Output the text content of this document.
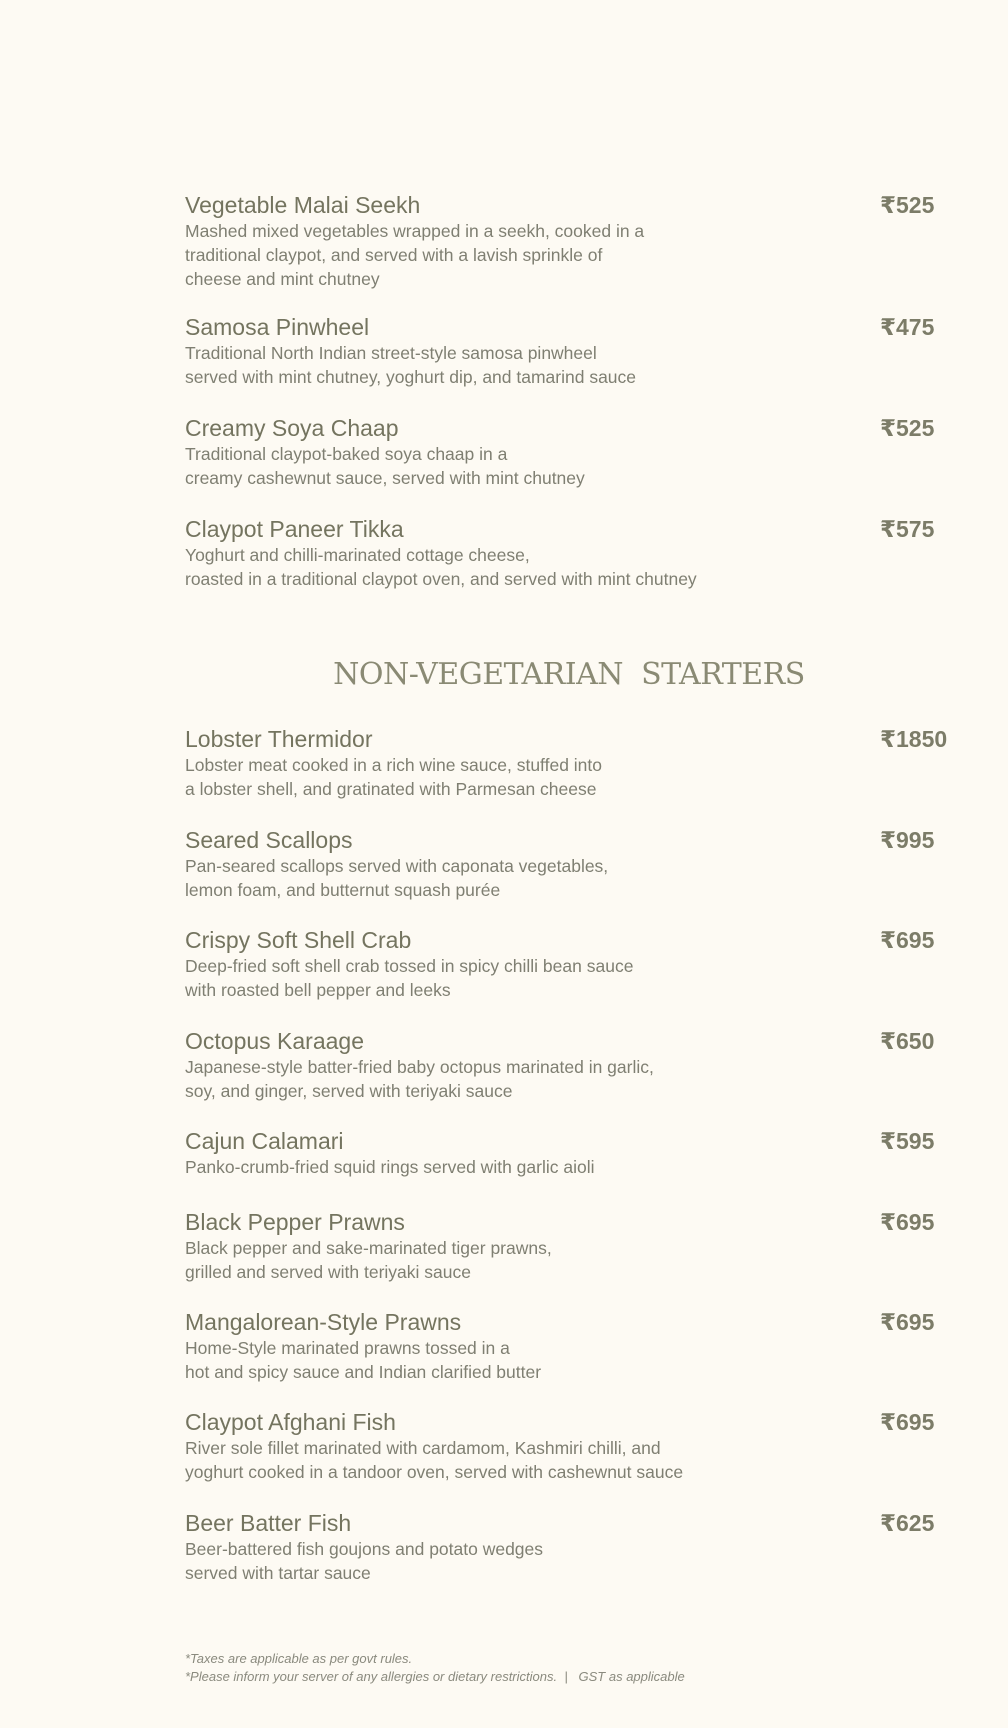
Vegetable Malai Seekh	₹525
Mashed mixed vegetables wrapped in a seekh, cooked in a
traditional claypot, and served with a lavish sprinkle of
cheese and mint chutney
Samosa Pinwheel	₹475
Traditional North Indian street-style samosa pinwheel
served with mint chutney, yoghurt dip, and tamarind sauce
Creamy Soya Chaap	₹525
Traditional claypot-baked soya chaap in a
creamy cashewnut sauce, served with mint chutney
Claypot Paneer Tikka	₹575
Yoghurt and chilli-marinated cottage cheese,
roasted in a traditional claypot oven, and served with mint chutney
NON-VEGETARIAN  STARTERS
Lobster Thermidor	₹1850
Lobster meat cooked in a rich wine sauce, stuffed into
a lobster shell, and gratinated with Parmesan cheese
Seared Scallops	₹995
Pan-seared scallops served with caponata vegetables,
lemon foam, and butternut squash purée
Crispy Soft Shell Crab	₹695
Deep-fried soft shell crab tossed in spicy chilli bean sauce
with roasted bell pepper and leeks
Octopus Karaage	₹650
Japanese-style batter-fried baby octopus marinated in garlic,
soy, and ginger, served with teriyaki sauce
Cajun Calamari	₹595
Panko-crumb-fried squid rings served with garlic aioli
Black Pepper Prawns	₹695
Black pepper and sake-marinated tiger prawns,
grilled and served with teriyaki sauce
Mangalorean-Style Prawns	₹695
Home-Style marinated prawns tossed in a
hot and spicy sauce and Indian clarified butter
Claypot Afghani Fish	₹695
River sole fillet marinated with cardamom, Kashmiri chilli, and
yoghurt cooked in a tandoor oven, served with cashewnut sauce
Beer Batter Fish	₹625
Beer-battered fish goujons and potato wedges
served with tartar sauce
*Taxes are applicable as per govt rules.
*Please inform your server of any allergies or dietary restrictions.  |   GST as applicable
